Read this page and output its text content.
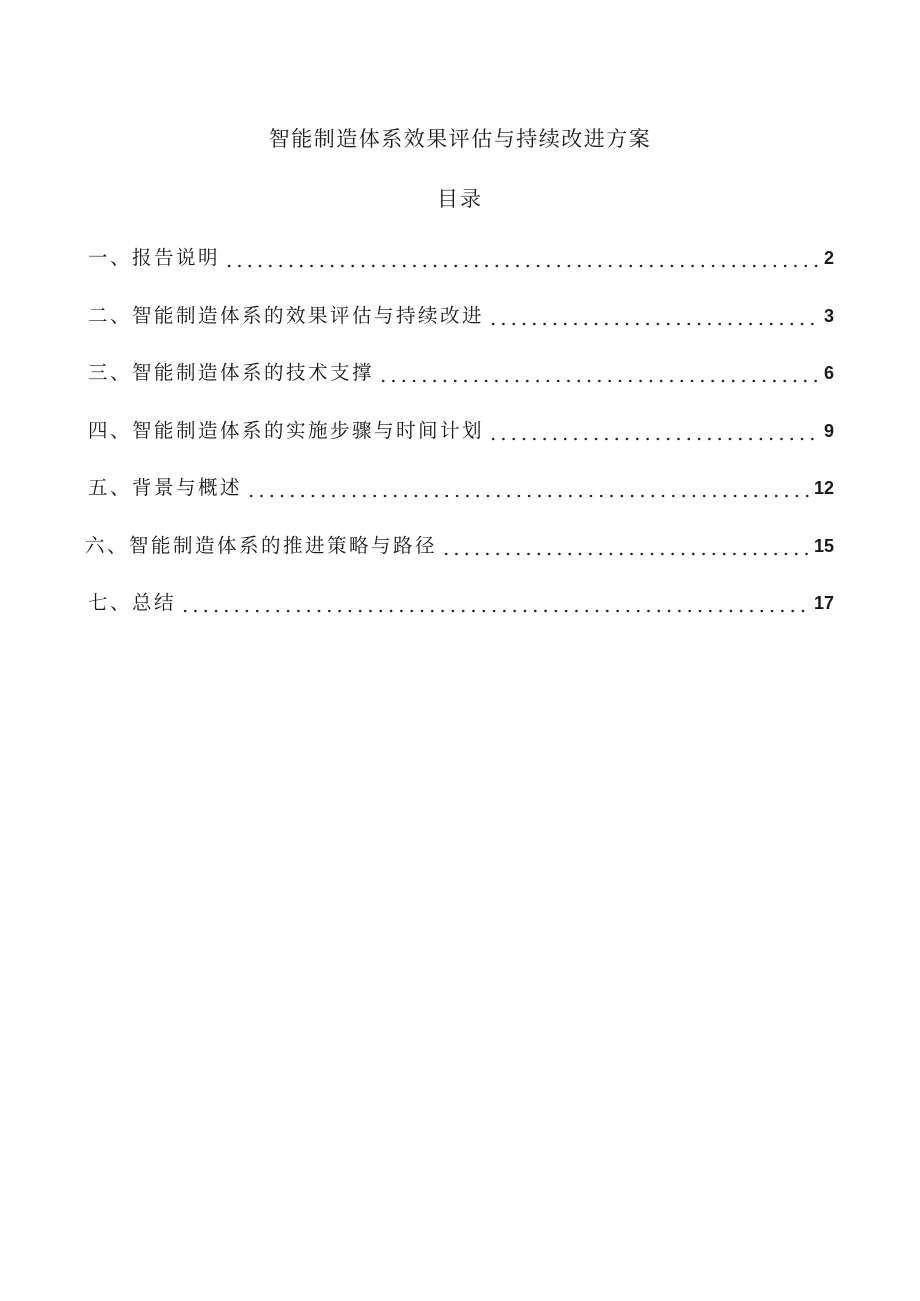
智能制造体系效果评估与持续改进方案
目录
一、报告说明	2
二、智能制造体系的效果评估与持续改进	3
三、智能制造体系的技术支撑	6
四、智能制造体系的实施步骤与时间计划	9
五、背景与概述	12
六、智能制造体系的推进策略与路径	15
七、总结	17
